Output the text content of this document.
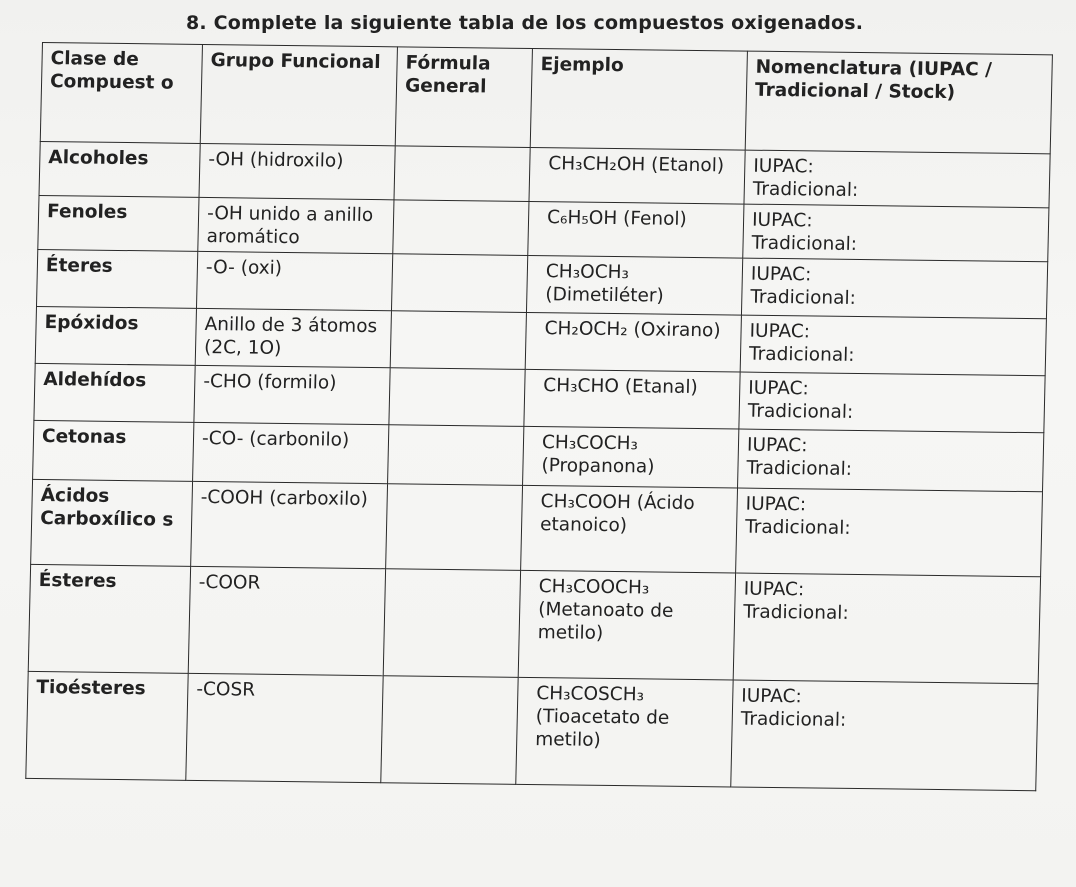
8. Complete la siguiente tabla de los compuestos oxigenados.
Clase de Compuest o	Grupo Funcional	Fórmula General	Ejemplo	Nomenclatura (IUPAC / Tradicional / Stock)
Alcoholes	-OH (hidroxilo)		CH₃CH₂OH (Etanol)	IUPAC:
Tradicional:

Fenoles	-OH unido a anillo aromático		C₆H₅OH (Fenol)	IUPAC:
Tradicional:

Éteres	-O- (oxi)		CH₃OCH₃ (Dimetiléter)	IUPAC:
Tradicional:

Epóxidos	Anillo de 3 átomos (2C, 1O)		CH₂OCH₂ (Oxirano)	IUPAC:
Tradicional:

Aldehídos	-CHO (formilo)		CH₃CHO (Etanal)	IUPAC:
Tradicional:

Cetonas	-CO- (carbonilo)		CH₃COCH₃ (Propanona)	IUPAC:
Tradicional:

Ácidos Carboxílico s	-COOH (carboxilo)		CH₃COOH (Ácido etanoico)	IUPAC:
Tradicional:

Ésteres	-COOR		CH₃COOCH₃ (Metanoato de metilo)	IUPAC:
Tradicional:

Tioésteres	-COSR		CH₃COSCH₃ (Tioacetato de metilo)	IUPAC:
Tradicional:
